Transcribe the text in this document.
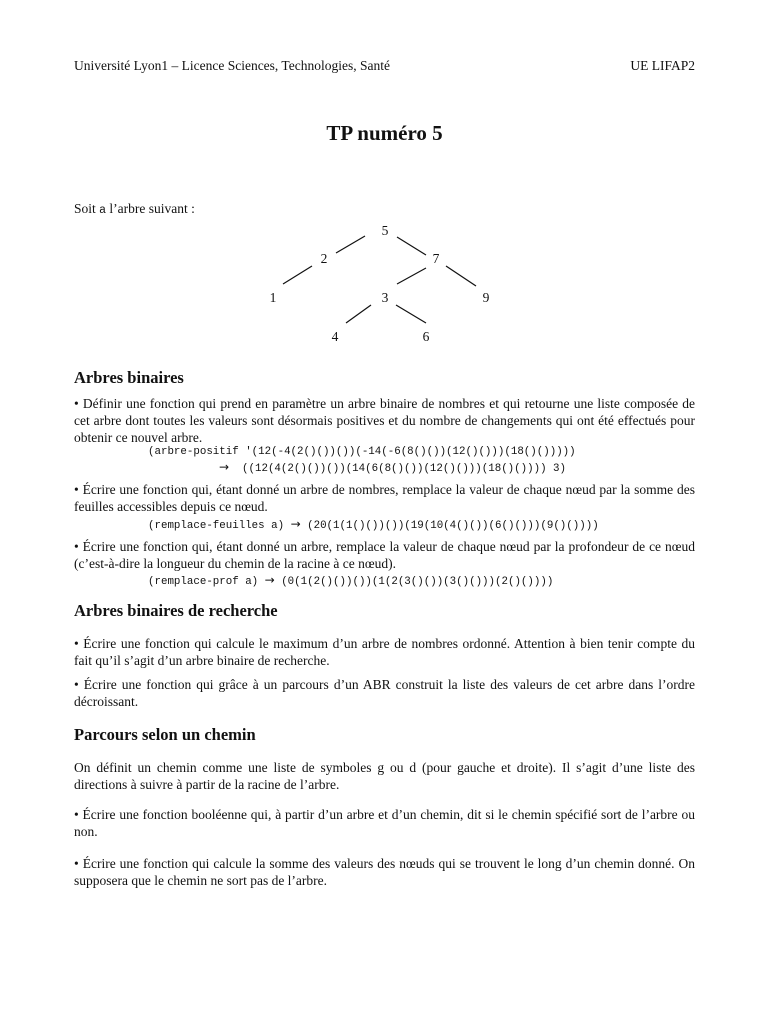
Université Lyon1 – Licence Sciences, Technologies, Santé	UE LIFAP2
TP numéro 5
Soit a l’arbre suivant :
5
2	7
1	3	9
4	6
Arbres binaires
• Définir une fonction qui prend en paramètre un arbre binaire de nombres et qui retourne une liste composée de cet arbre dont toutes les valeurs sont désormais positives et du nombre de changements qui ont été effectués pour obtenir ce nouvel arbre.
(arbre-positif '(12(-4(2()())())(-14(-6(8()())(12()()))(18()()))))
→ ((12(4(2()())())(14(6(8()())(12()()))(18()()))) 3)
• Écrire une fonction qui, étant donné un arbre de nombres, remplace la valeur de chaque nœud par la somme des feuilles accessibles depuis ce nœud.
(remplace-feuilles a) → (20(1(1()())())(19(10(4()())(6()()))(9()())))
• Écrire une fonction qui, étant donné un arbre, remplace la valeur de chaque nœud par la profondeur de ce nœud (c’est-à-dire la longueur du chemin de la racine à ce nœud).
(remplace-prof a) → (0(1(2()())())(1(2(3()())(3()()))(2()())))
Arbres binaires de recherche
• Écrire une fonction qui calcule le maximum d’un arbre de nombres ordonné. Attention à bien tenir compte du fait qu’il s’agit d’un arbre binaire de recherche.
• Écrire une fonction qui grâce à un parcours d’un ABR construit la liste des valeurs de cet arbre dans l’ordre décroissant.
Parcours selon un chemin
On définit un chemin comme une liste de symboles g ou d (pour gauche et droite). Il s’agit d’une liste des directions à suivre à partir de la racine de l’arbre.
• Écrire une fonction booléenne qui, à partir d’un arbre et d’un chemin, dit si le chemin spécifié sort de l’arbre ou non.
• Écrire une fonction qui calcule la somme des valeurs des nœuds qui se trouvent le long d’un chemin donné. On supposera que le chemin ne sort pas de l’arbre.
